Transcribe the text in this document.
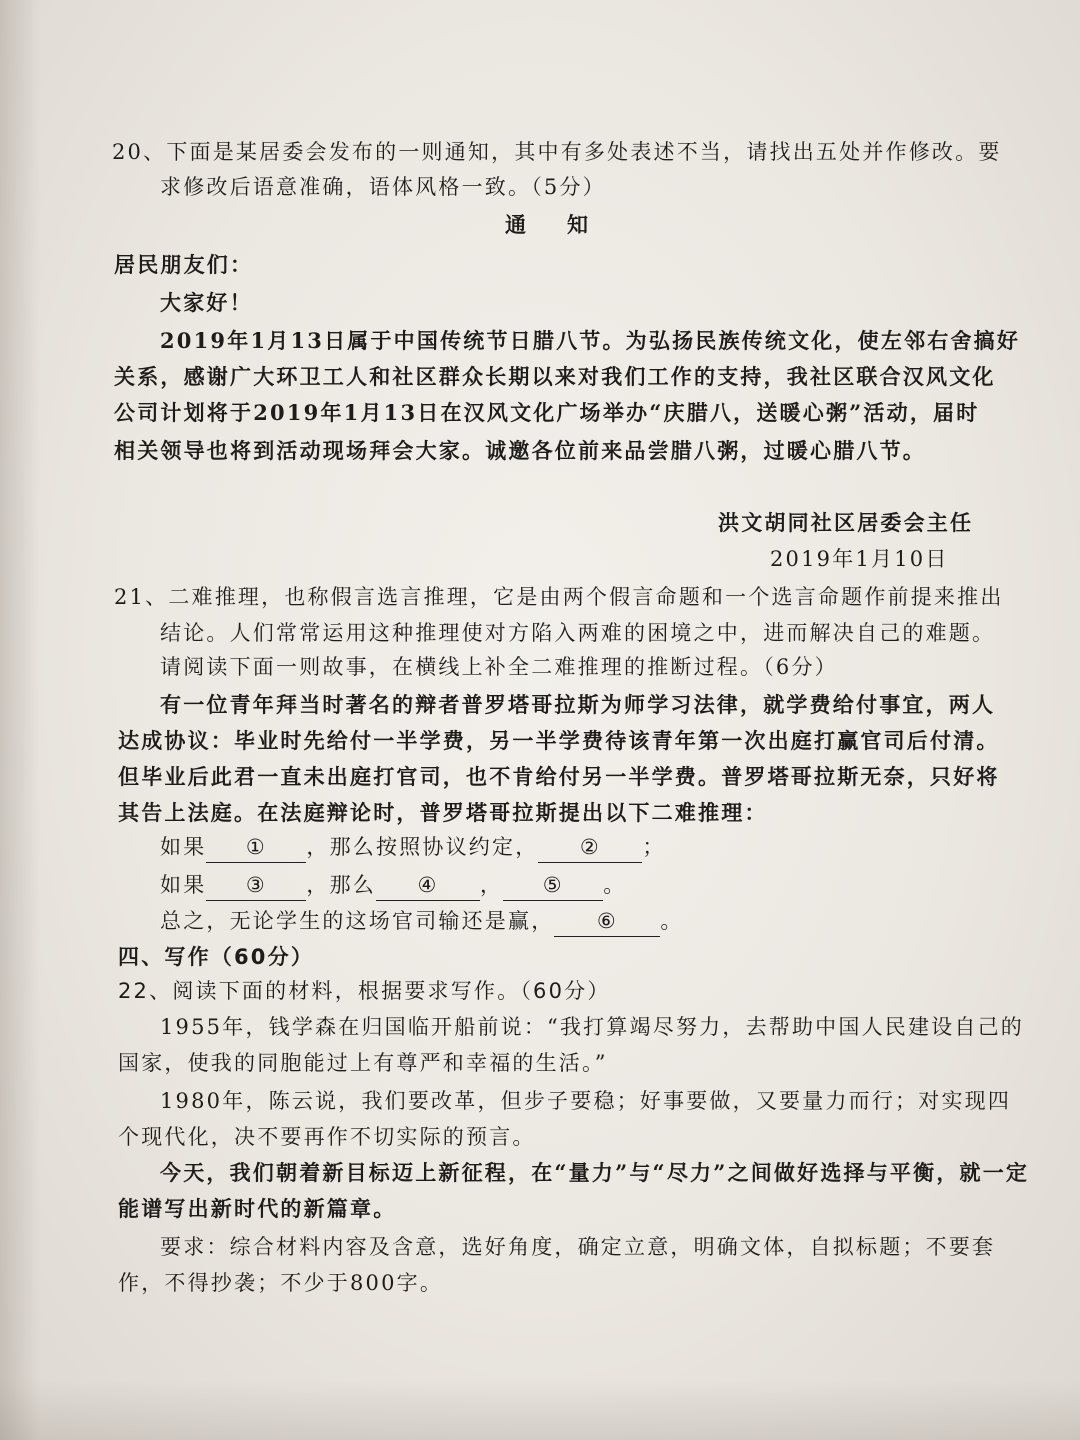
20、下面是某居委会发布的一则通知，其中有多处表述不当，请找出五处并作修改。要
求修改后语意准确，语体风格一致。（5分）
通　知
居民朋友们：
大家好！
2019年1月13日属于中国传统节日腊八节。为弘扬民族传统文化，使左邻右舍搞好
关系，感谢广大环卫工人和社区群众长期以来对我们工作的支持，我社区联合汉风文化
公司计划将于2019年1月13日在汉风文化广场举办“庆腊八，送暖心粥”活动，届时
相关领导也将到活动现场拜会大家。诚邀各位前来品尝腊八粥，过暖心腊八节。
洪文胡同社区居委会主任
2019年1月10日
21、二难推理，也称假言选言推理，它是由两个假言命题和一个选言命题作前提来推出
结论。人们常常运用这种推理使对方陷入两难的困境之中，进而解决自己的难题。
请阅读下面一则故事，在横线上补全二难推理的推断过程。（6分）
有一位青年拜当时著名的辩者普罗塔哥拉斯为师学习法律，就学费给付事宜，两人
达成协议：毕业时先给付一半学费，另一半学费待该青年第一次出庭打赢官司后付清。
但毕业后此君一直未出庭打官司，也不肯给付另一半学费。普罗塔哥拉斯无奈，只好将
其告上法庭。在法庭辩论时，普罗塔哥拉斯提出以下二难推理：
如果 ① ，那么按照协议约定， ② ；
如果 ③ ，那么 ④ ， ⑤ 。
总之，无论学生的这场官司输还是赢， ⑥ 。
四、写作（60分）
22、阅读下面的材料，根据要求写作。（60分）
1955年，钱学森在归国临开船前说：“我打算竭尽努力，去帮助中国人民建设自己的
国家，使我的同胞能过上有尊严和幸福的生活。”
1980年，陈云说，我们要改革，但步子要稳；好事要做，又要量力而行；对实现四
个现代化，决不要再作不切实际的预言。
今天，我们朝着新目标迈上新征程，在“量力”与“尽力”之间做好选择与平衡，就一定
能谱写出新时代的新篇章。
要求：综合材料内容及含意，选好角度，确定立意，明确文体，自拟标题；不要套
作，不得抄袭；不少于800字。
